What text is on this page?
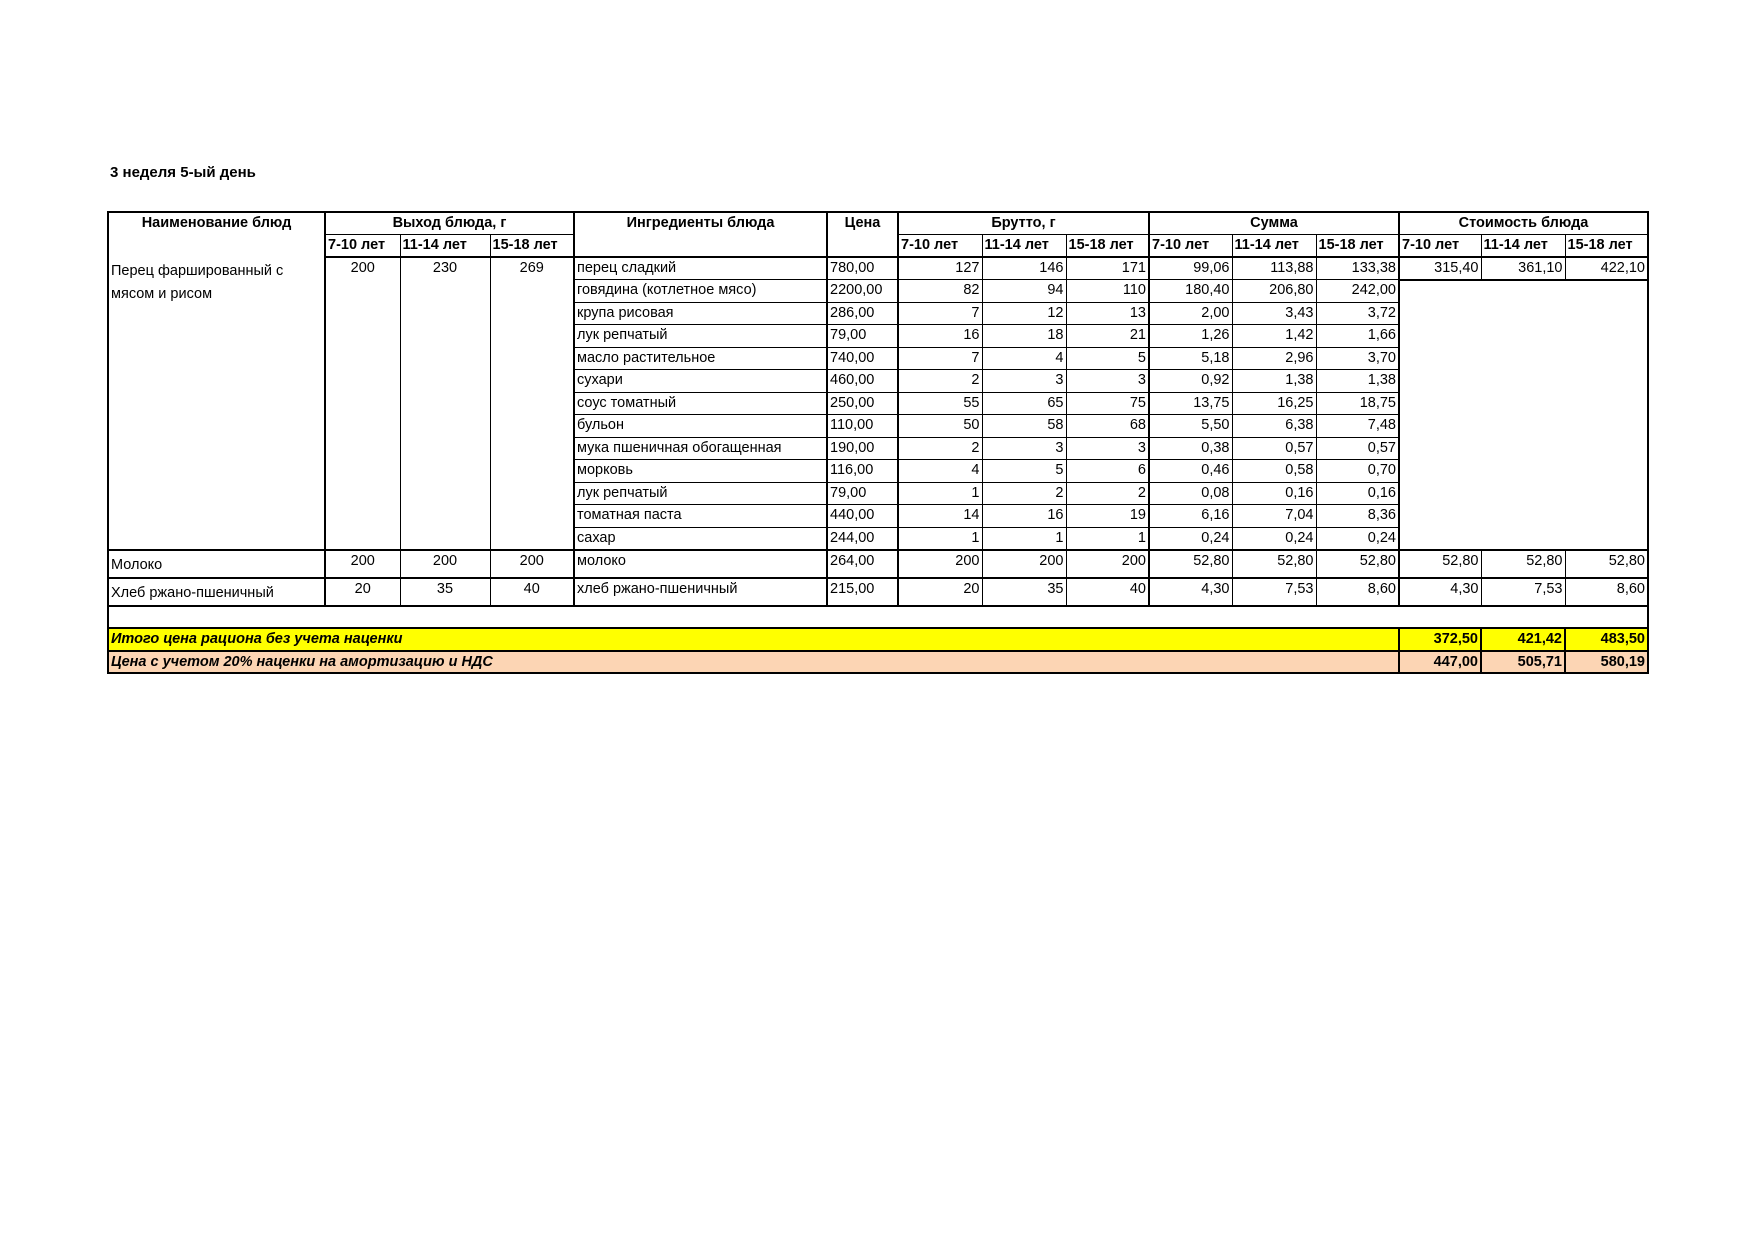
3 неделя 5-ый день
Наименование блюд	Выход блюда, г			Ингредиенты блюда	Цена	Брутто, г			Сумма			Стоимость блюда		
	7-10 лет	11-14 лет	15-18 лет			7-10 лет	11-14 лет	15-18 лет	7-10 лет	11-14 лет	15-18 лет	7-10 лет	11-14 лет	15-18 лет
Перец фаршированный с мясом и рисом	200	230	269	перец сладкий	780,00	127	146	171	99,06	113,88	133,38	315,40	361,10	422,10
				говядина (котлетное мясо)	2200,00	82	94	110	180,40	206,80	242,00			
				крупа рисовая	286,00	7	12	13	2,00	3,43	3,72			
				лук репчатый	79,00	16	18	21	1,26	1,42	1,66			
				масло растительное	740,00	7	4	5	5,18	2,96	3,70			
				сухари	460,00	2	3	3	0,92	1,38	1,38			
				соус томатный	250,00	55	65	75	13,75	16,25	18,75			
				бульон	110,00	50	58	68	5,50	6,38	7,48			
				мука пшеничная обогащенная	190,00	2	3	3	0,38	0,57	0,57			
				морковь	116,00	4	5	6	0,46	0,58	0,70			
				лук репчатый	79,00	1	2	2	0,08	0,16	0,16			
				томатная паста	440,00	14	16	19	6,16	7,04	8,36			
				сахар	244,00	1	1	1	0,24	0,24	0,24			
Молоко	200	200	200	молоко	264,00	200	200	200	52,80	52,80	52,80	52,80	52,80	52,80
Хлеб ржано-пшеничный	20	35	40	хлеб ржано-пшеничный	215,00	20	35	40	4,30	7,53	8,60	4,30	7,53	8,60

Итого цена рациона без учета наценки												372,50	421,42	483,50
Цена с учетом 20% наценки на амортизацию и НДС												447,00	505,71	580,19
